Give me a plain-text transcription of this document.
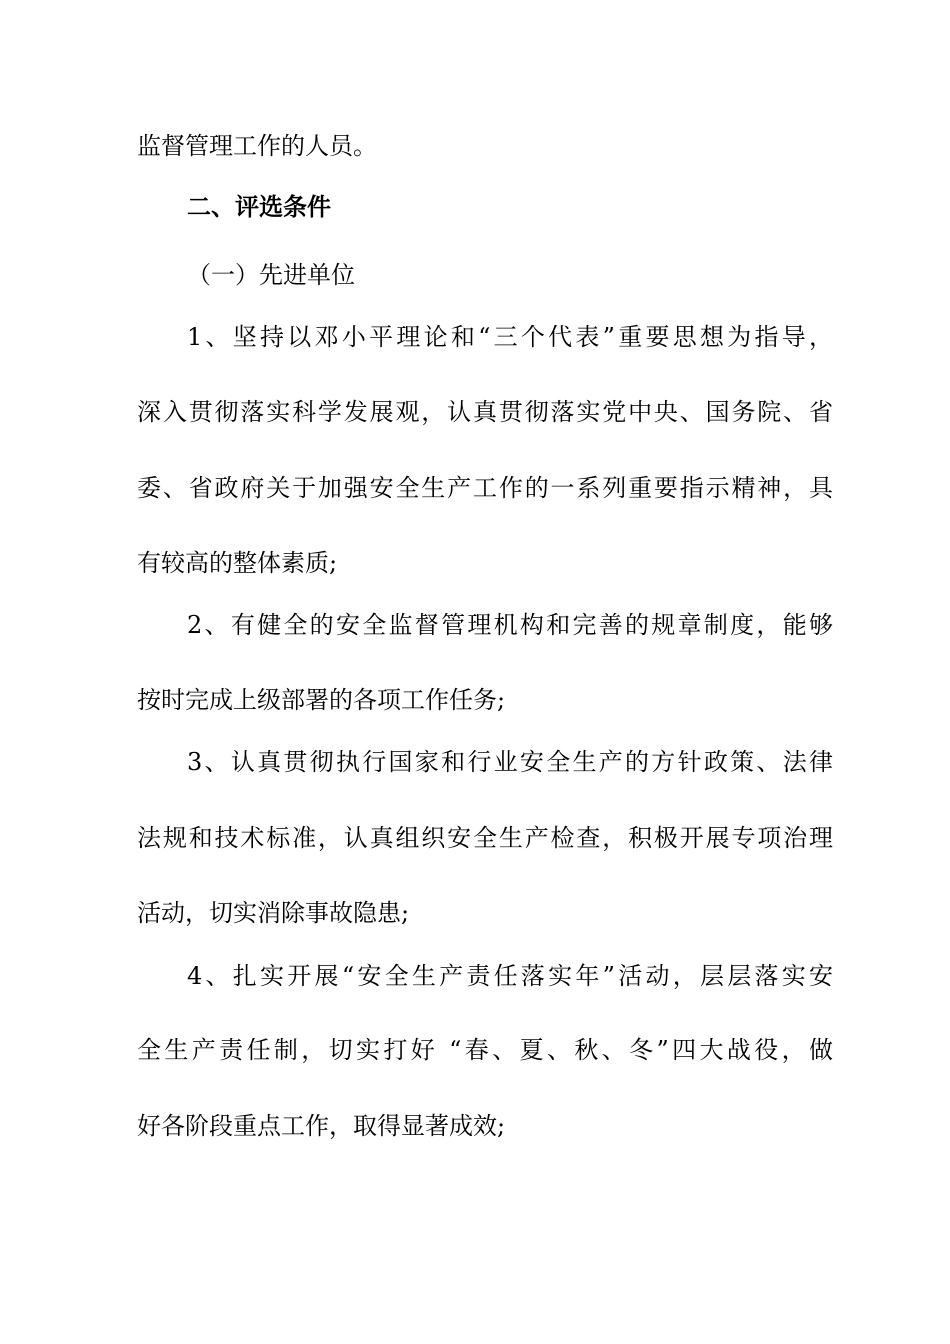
监督管理工作的人员。
二、评选条件
（一）先进单位
1、坚持以邓小平理论和“三个代表”重要思想为指导，
深入贯彻落实科学发展观，认真贯彻落实党中央、国务院、省
委、省政府关于加强安全生产工作的一系列重要指示精神，具
有较高的整体素质;
2、有健全的安全监督管理机构和完善的规章制度，能够
按时完成上级部署的各项工作任务;
3、认真贯彻执行国家和行业安全生产的方针政策、法律
法规和技术标准，认真组织安全生产检查，积极开展专项治理
活动，切实消除事故隐患;
4、扎实开展“安全生产责任落实年”活动，层层落实安
全生产责任制，切实打好 “春、夏、秋、冬”四大战役，做
好各阶段重点工作，取得显著成效;
